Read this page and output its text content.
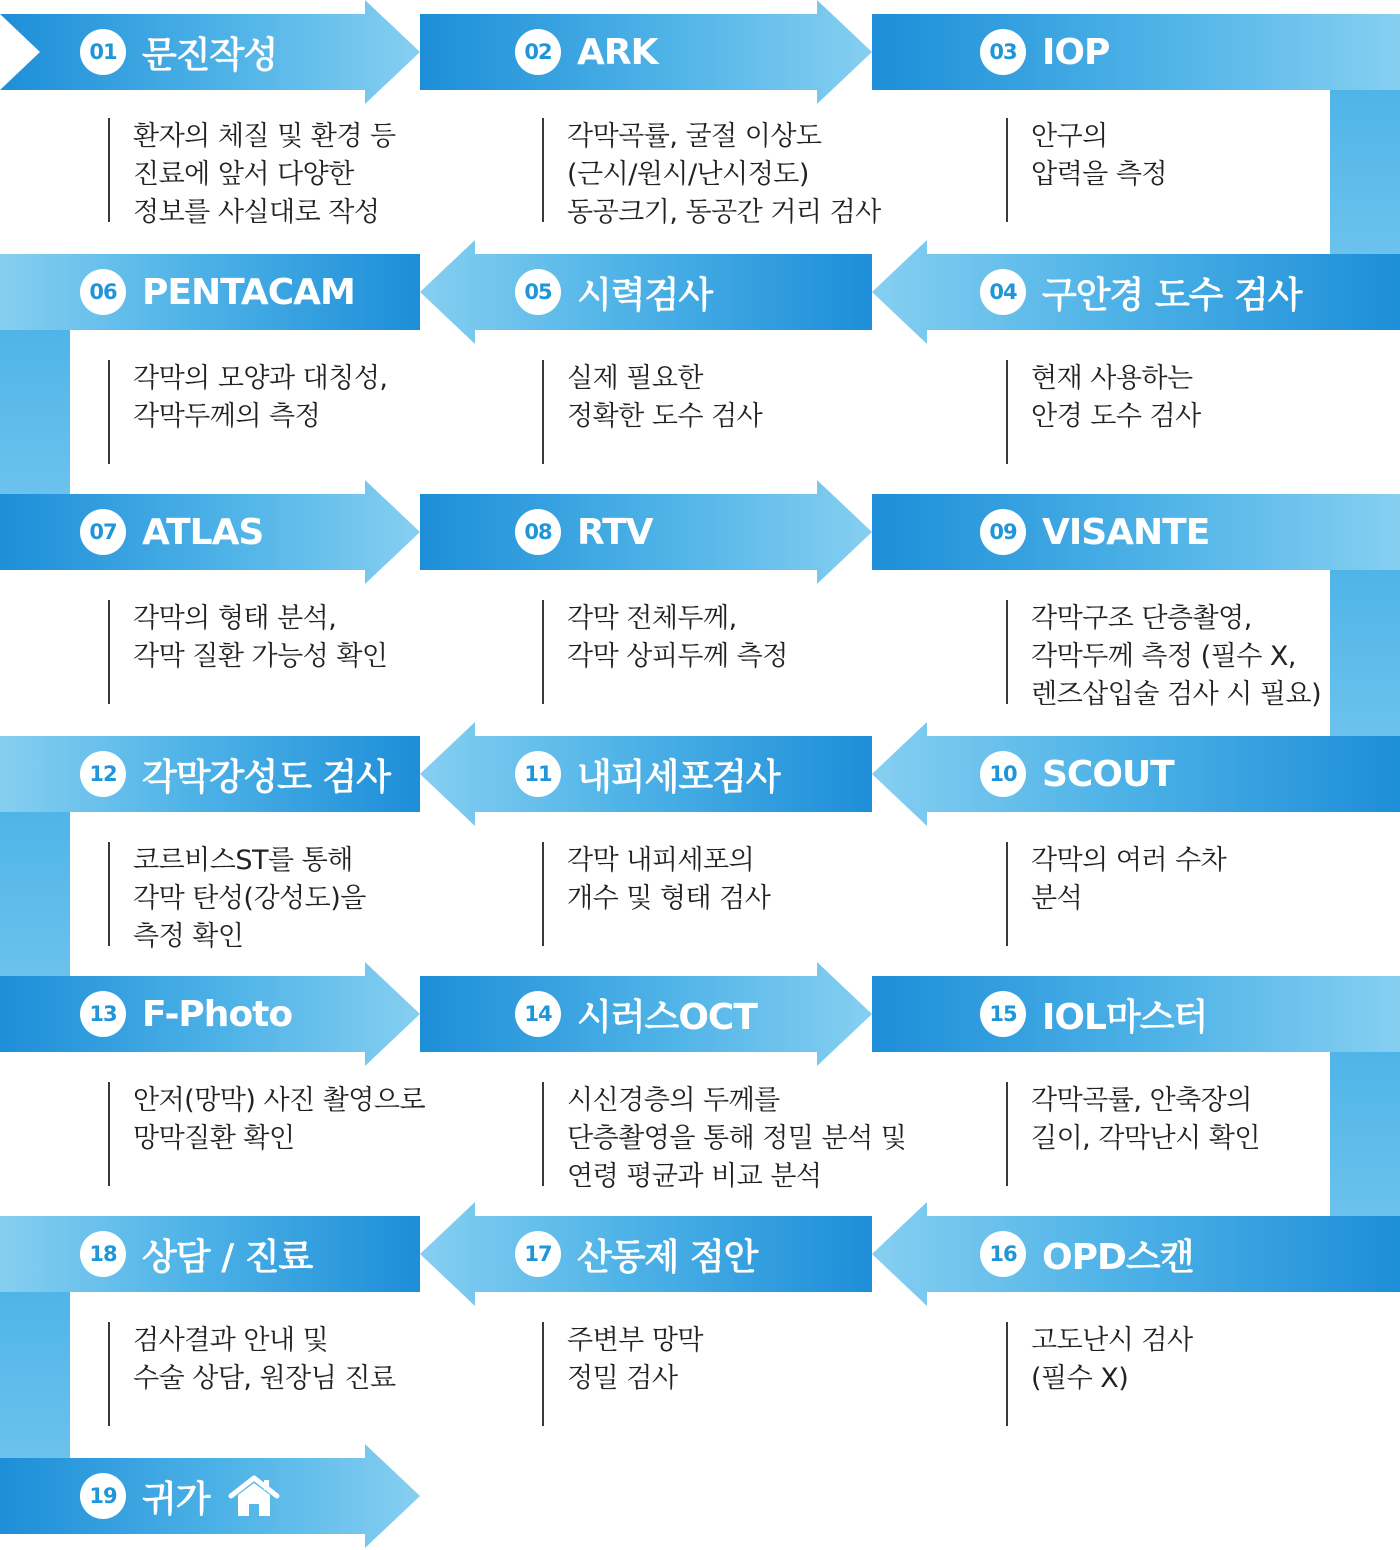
01 문진작성
환자의 체질 및 환경 등
진료에 앞서 다양한
정보를 사실대로 작성
02 ARK
각막곡률, 굴절 이상도
(근시/원시/난시정도)
동공크기, 동공간 거리 검사
03 IOP
안구의
압력을 측정
06 PENTACAM
각막의 모양과 대칭성,
각막두께의 측정
05 시력검사
실제 필요한
정확한 도수 검사
04 구안경 도수 검사
현재 사용하는
안경 도수 검사
07 ATLAS
각막의 형태 분석,
각막 질환 가능성 확인
08 RTV
각막 전체두께,
각막 상피두께 측정
09 VISANTE
각막구조 단층촬영,
각막두께 측정 (필수 X,
렌즈삽입술 검사 시 필요)
12 각막강성도 검사
코르비스ST를 통해
각막 탄성(강성도)을
측정 확인
11 내피세포검사
각막 내피세포의
개수 및 형태 검사
10 SCOUT
각막의 여러 수차
분석
13 F-Photo
안저(망막) 사진 촬영으로
망막질환 확인
14 시러스OCT
시신경층의 두께를
단층촬영을 통해 정밀 분석 및
연령 평균과 비교 분석
15 IOL마스터
각막곡률, 안축장의
길이, 각막난시 확인
18 상담 / 진료
검사결과 안내 및
수술 상담, 원장님 진료
17 산동제 점안
주변부 망막
정밀 검사
16 OPD스캔
고도난시 검사
(필수 X)
19 귀가
